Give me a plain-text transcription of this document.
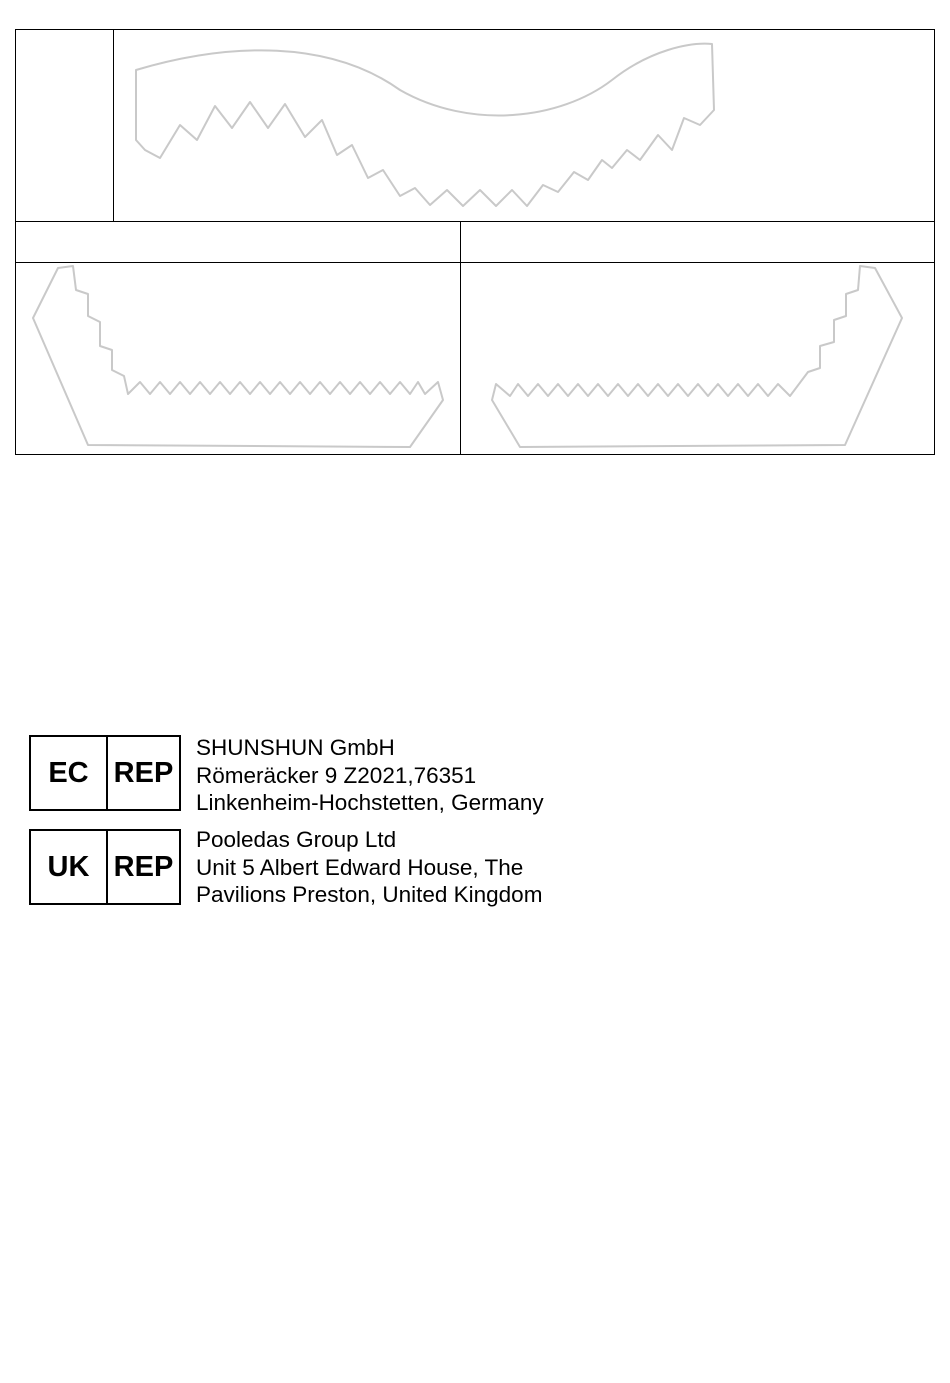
EC REP
SHUNSHUN GmbH
Römeräcker 9 Z2021,76351
Linkenheim-Hochstetten, Germany
UK REP
Pooledas Group Ltd
Unit 5 Albert Edward House, The
Pavilions Preston, United Kingdom
